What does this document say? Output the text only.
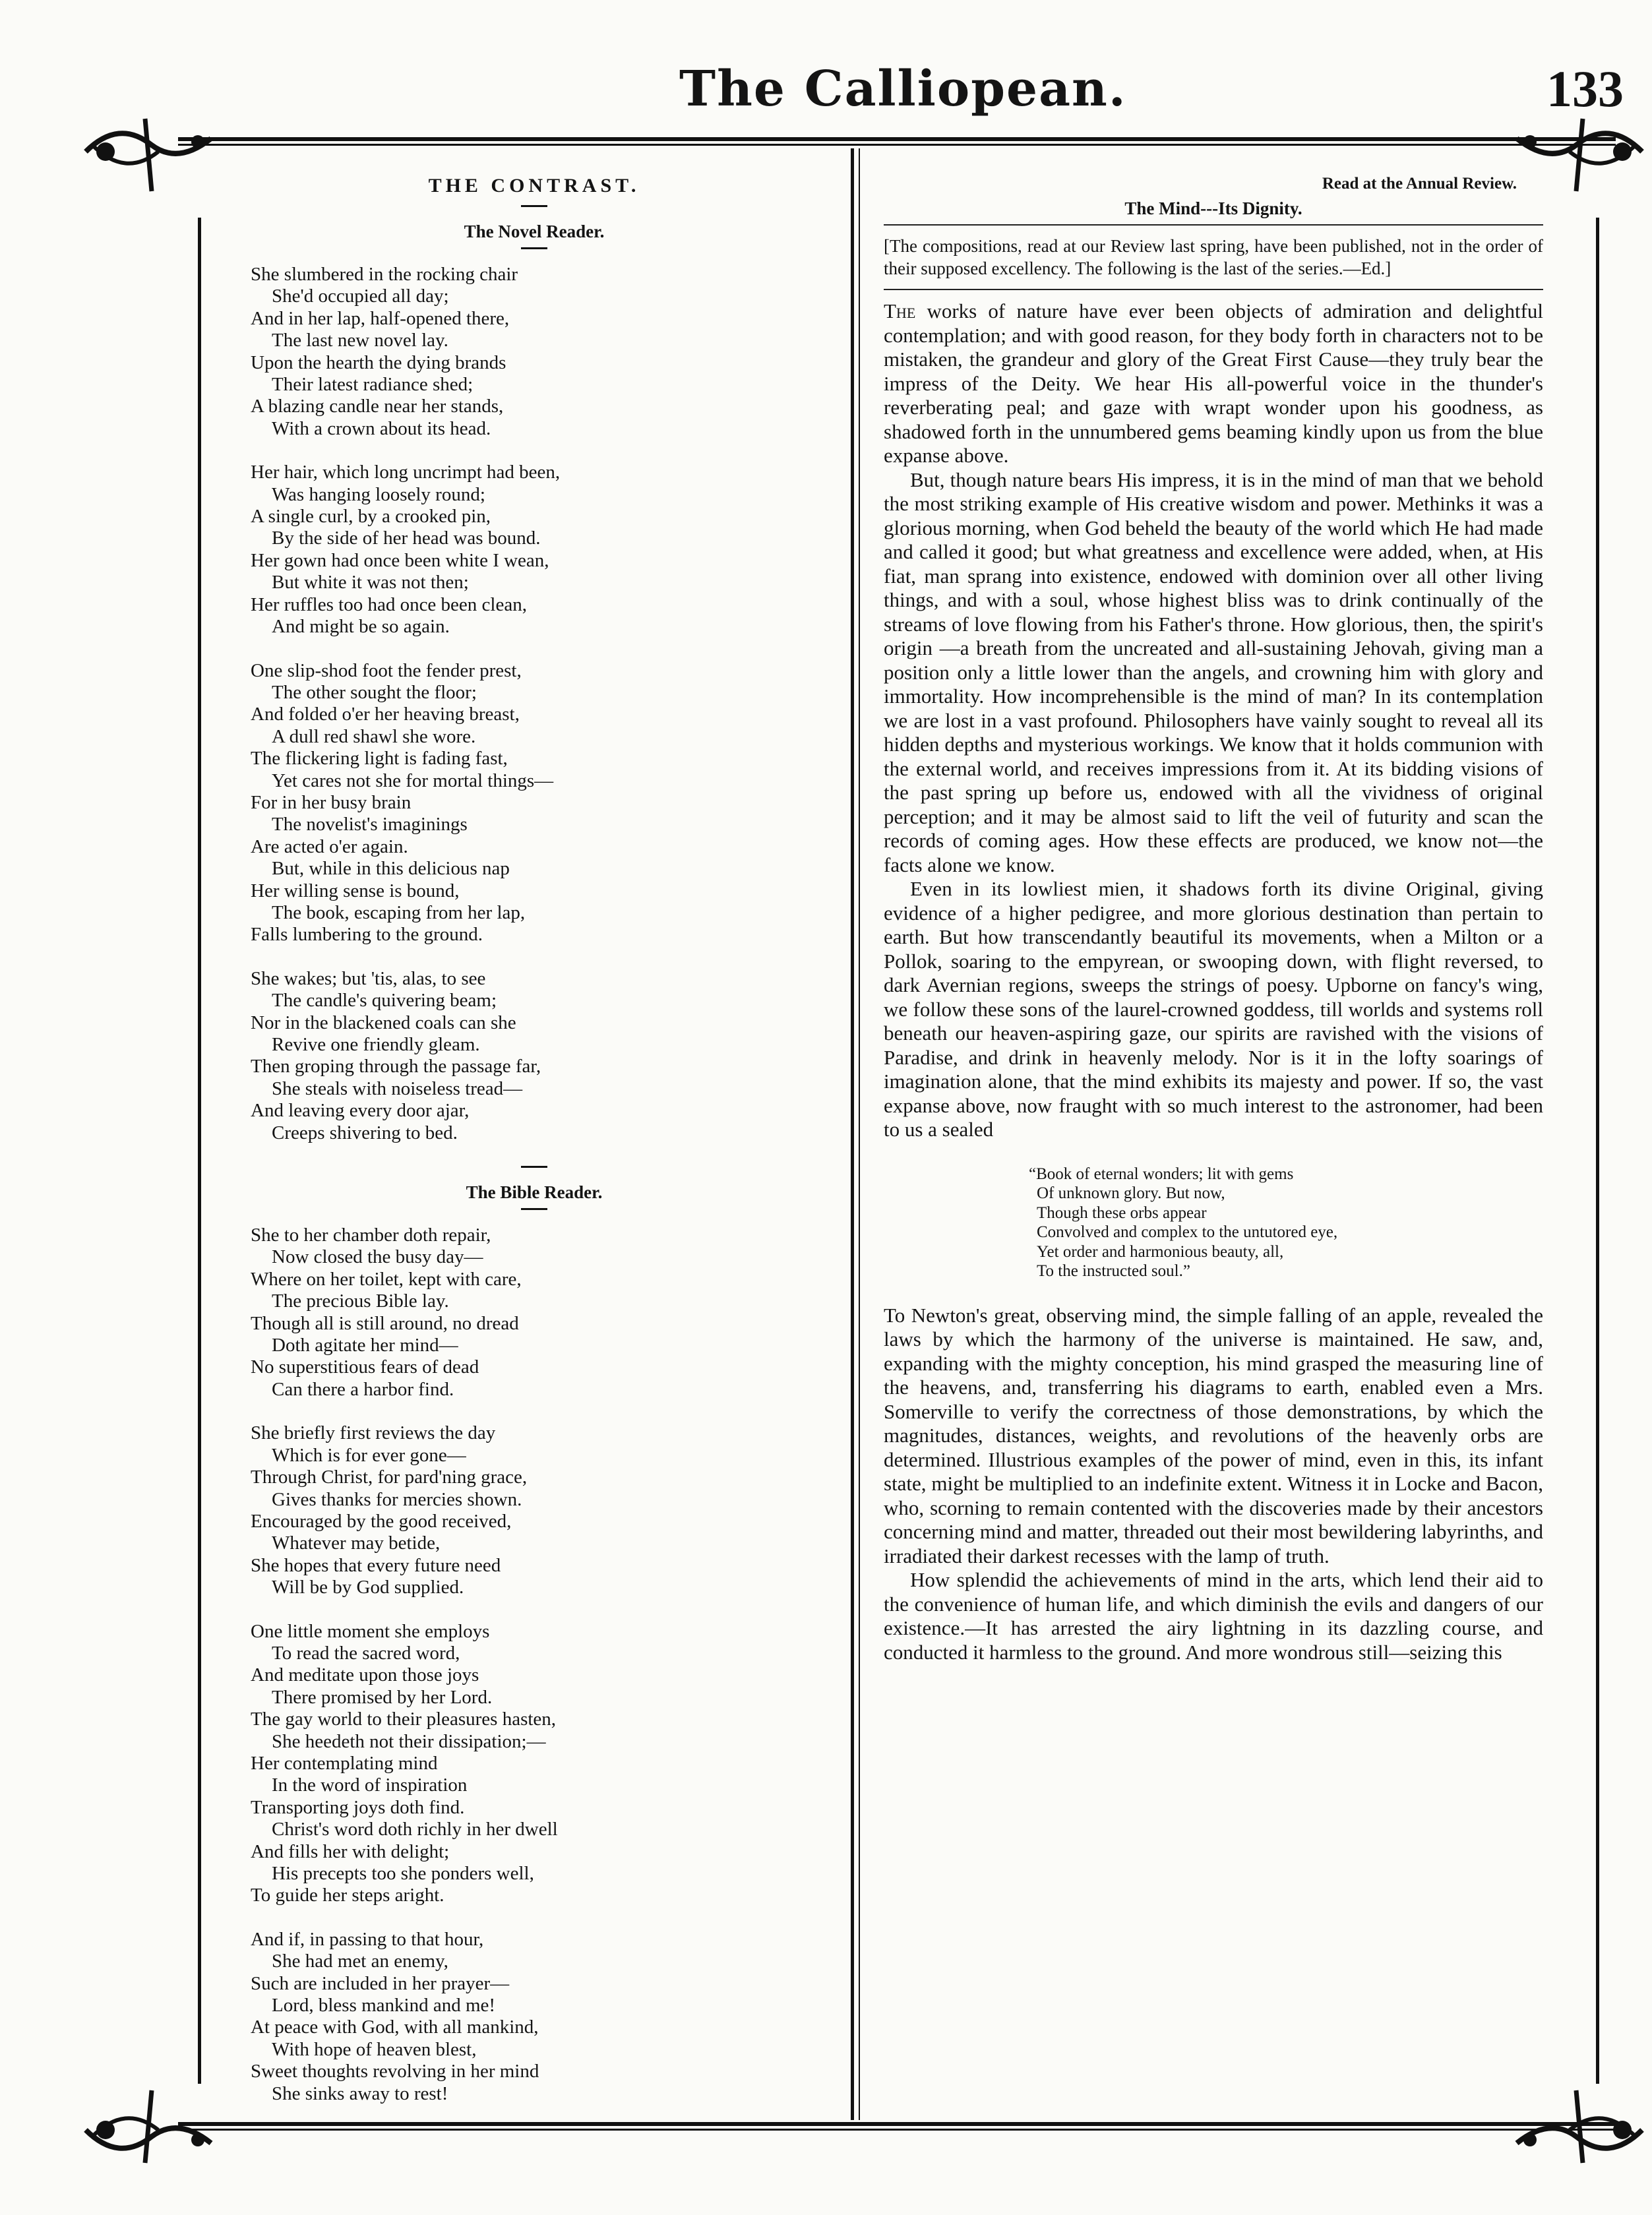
The Calliopean.	133
THE CONTRAST.
The Novel Reader.
She slumbered in the rocking chair
She'd occupied all day;
And in her lap, half-opened there,
The last new novel lay.
Upon the hearth the dying brands
Their latest radiance shed;
A blazing candle near her stands,
With a crown about its head.
Her hair, which long uncrimpt had been,
Was hanging loosely round;
A single curl, by a crooked pin,
By the side of her head was bound.
Her gown had once been white I wean,
But white it was not then;
Her ruffles too had once been clean,
And might be so again.
One slip-shod foot the fender prest,
The other sought the floor;
And folded o'er her heaving breast,
A dull red shawl she wore.
The flickering light is fading fast,
Yet cares not she for mortal things—
For in her busy brain
The novelist's imaginings
Are acted o'er again.
But, while in this delicious nap
Her willing sense is bound,
The book, escaping from her lap,
Falls lumbering to the ground.
She wakes; but 'tis, alas, to see
The candle's quivering beam;
Nor in the blackened coals can she
Revive one friendly gleam.
Then groping through the passage far,
She steals with noiseless tread—
And leaving every door ajar,
Creeps shivering to bed.
The Bible Reader.
She to her chamber doth repair,
Now closed the busy day—
Where on her toilet, kept with care,
The precious Bible lay.
Though all is still around, no dread
Doth agitate her mind—
No superstitious fears of dead
Can there a harbor find.
She briefly first reviews the day
Which is for ever gone—
Through Christ, for pard'ning grace,
Gives thanks for mercies shown.
Encouraged by the good received,
Whatever may betide,
She hopes that every future need
Will be by God supplied.
One little moment she employs
To read the sacred word,
And meditate upon those joys
There promised by her Lord.
The gay world to their pleasures hasten,
She heedeth not their dissipation;—
Her contemplating mind
In the word of inspiration
Transporting joys doth find.
Christ's word doth richly in her dwell
And fills her with delight;
His precepts too she ponders well,
To guide her steps aright.
And if, in passing to that hour,
She had met an enemy,
Such are included in her prayer—
Lord, bless mankind and me!
At peace with God, with all mankind,
With hope of heaven blest,
Sweet thoughts revolving in her mind
She sinks away to rest!
Read at the Annual Review.
The Mind---Its Dignity.
[The compositions, read at our Review last spring, have been published, not in the order of their supposed excellency. The following is the last of the series.—Ed.]

The works of nature have ever been objects of admiration and delightful contemplation; and with good reason, for they body forth in characters not to be mistaken, the grandeur and glory of the Great First Cause—they truly bear the impress of the Deity. We hear His all-powerful voice in the thunder's reverberating peal; and gaze with wrapt wonder upon his goodness, as shadowed forth in the unnumbered gems beaming kindly upon us from the blue expanse above.

But, though nature bears His impress, it is in the mind of man that we behold the most striking example of His creative wisdom and power. Methinks it was a glorious morning, when God beheld the beauty of the world which He had made and called it good; but what greatness and excellence were added, when, at His fiat, man sprang into existence, endowed with dominion over all other living things, and with a soul, whose highest bliss was to drink continually of the streams of love flowing from his Father's throne. How glorious, then, the spirit's origin —a breath from the uncreated and all-sustaining Jehovah, giving man a position only a little lower than the angels, and crowning him with glory and immortality. How incomprehensible is the mind of man? In its contemplation we are lost in a vast profound. Philosophers have vainly sought to reveal all its hidden depths and mysterious workings. We know that it holds communion with the external world, and receives impressions from it. At its bidding visions of the past spring up before us, endowed with all the vividness of original perception; and it may be almost said to lift the veil of futurity and scan the records of coming ages. How these effects are produced, we know not—the facts alone we know.

Even in its lowliest mien, it shadows forth its divine Original, giving evidence of a higher pedigree, and more glorious destination than pertain to earth. But how transcendantly beautiful its movements, when a Milton or a Pollok, soaring to the empyrean, or swooping down, with flight reversed, to dark Avernian regions, sweeps the strings of poesy. Upborne on fancy's wing, we follow these sons of the laurel-crowned goddess, till worlds and systems roll beneath our heaven-aspiring gaze, our spirits are ravished with the visions of Paradise, and drink in heavenly melody. Nor is it in the lofty soarings of imagination alone, that the mind exhibits its majesty and power. If so, the vast expanse above, now fraught with so much interest to the astronomer, had been to us a sealed

“Book of eternal wonders; lit with gems
Of unknown glory. But now,
Though these orbs appear
Convolved and complex to the untutored eye,
Yet order and harmonious beauty, all,
To the instructed soul.”

To Newton's great, observing mind, the simple falling of an apple, revealed the laws by which the harmony of the universe is maintained. He saw, and, expanding with the mighty conception, his mind grasped the measuring line of the heavens, and, transferring his diagrams to earth, enabled even a Mrs. Somerville to verify the correctness of those demonstrations, by which the magnitudes, distances, weights, and revolutions of the heavenly orbs are determined. Illustrious examples of the power of mind, even in this, its infant state, might be multiplied to an indefinite extent. Witness it in Locke and Bacon, who, scorning to remain contented with the discoveries made by their ancestors concerning mind and matter, threaded out their most bewildering labyrinths, and irradiated their darkest recesses with the lamp of truth.

How splendid the achievements of mind in the arts, which lend their aid to the convenience of human life, and which diminish the evils and dangers of our existence.—It has arrested the airy lightning in its dazzling course, and conducted it harmless to the ground. And more wondrous still—seizing this
